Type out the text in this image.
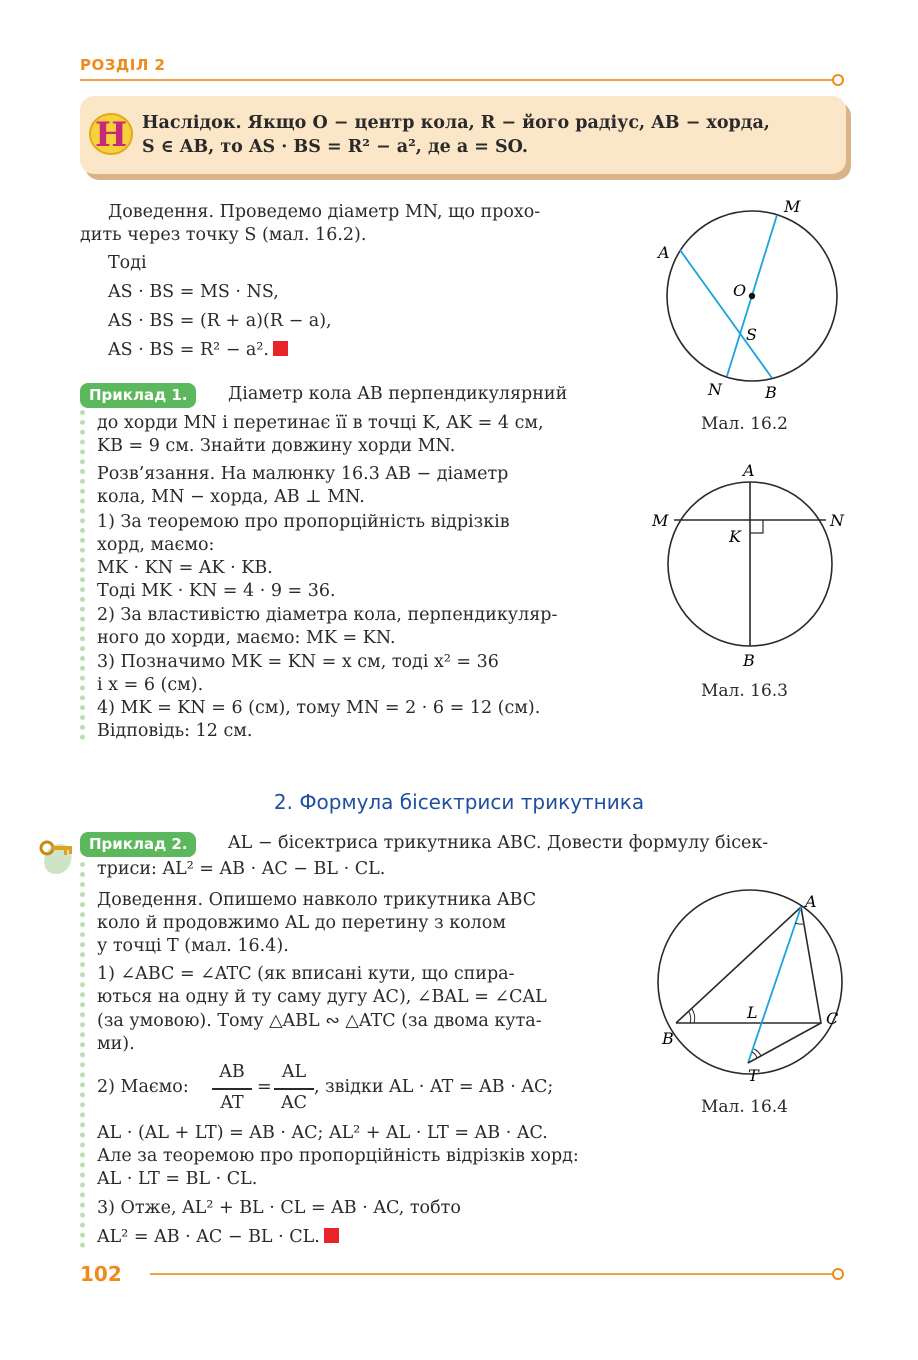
РОЗДІЛ 2
Н Наслідок. Якщо O − центр кола, R − його радіус, AB − хорда,
S ∈ AB, то AS · BS = R² − a², де a = SO.
Доведення. Проведемо діаметр MN, що прохо-
дить через точку S (мал. 16.2).
Тоді
AS · BS = MS · NS,
AS · BS = (R + a)(R − a),
AS · BS = R² − a².
M
A
O
S
N	B
Мал. 16.2
Приклад 1.	Діаметр кола AB перпендикулярний
до хорди MN і перетинає її в точці K, AK = 4 см,
KB = 9 см. Знайти довжину хорди MN.
Розв’язання. На малюнку 16.3 AB − діаметр
кола, MN − хорда, AB ⊥ MN.
1) За теоремою про пропорційність відрізків
хорд, маємо:
MK · KN = AK · KB.
Тоді MK · KN = 4 · 9 = 36.
2) За властивістю діаметра кола, перпендикуляр-
ного до хорди, маємо: MK = KN.
3) Позначимо MK = KN = x см, тоді x² = 36
і x = 6 (см).
4) MK = KN = 6 (см), тому MN = 2 · 6 = 12 (см).
Відповідь: 12 см.
A
M	N
K
B
Мал. 16.3
2. Формула бісектриси трикутника
Приклад 2.	AL − бісектриса трикутника ABC. Довести формулу бісек-
триси: AL² = AB · AC − BL · CL.
Доведення. Опишемо навколо трикутника ABC
коло й продовжимо AL до перетину з колом
у точці T (мал. 16.4).
1) ∠ABC = ∠ATC (як вписані кути, що спира-
ються на одну й ту саму дугу AC), ∠BAL = ∠CAL
(за умовою). Тому △ABL ∾ △ATC (за двома кута-
ми).
2) Маємо:
AB
AT
=
AL
AC
, звідки AL · AT = AB · AC;
AL · (AL + LT) = AB · AC; AL² + AL · LT = AB · AC.
Але за теоремою про пропорційність відрізків хорд:
AL · LT = BL · CL.
3) Отже, AL² + BL · CL = AB · AC, тобто
AL² = AB · AC − BL · CL.
A
B
C
L
T
Мал. 16.4
102
